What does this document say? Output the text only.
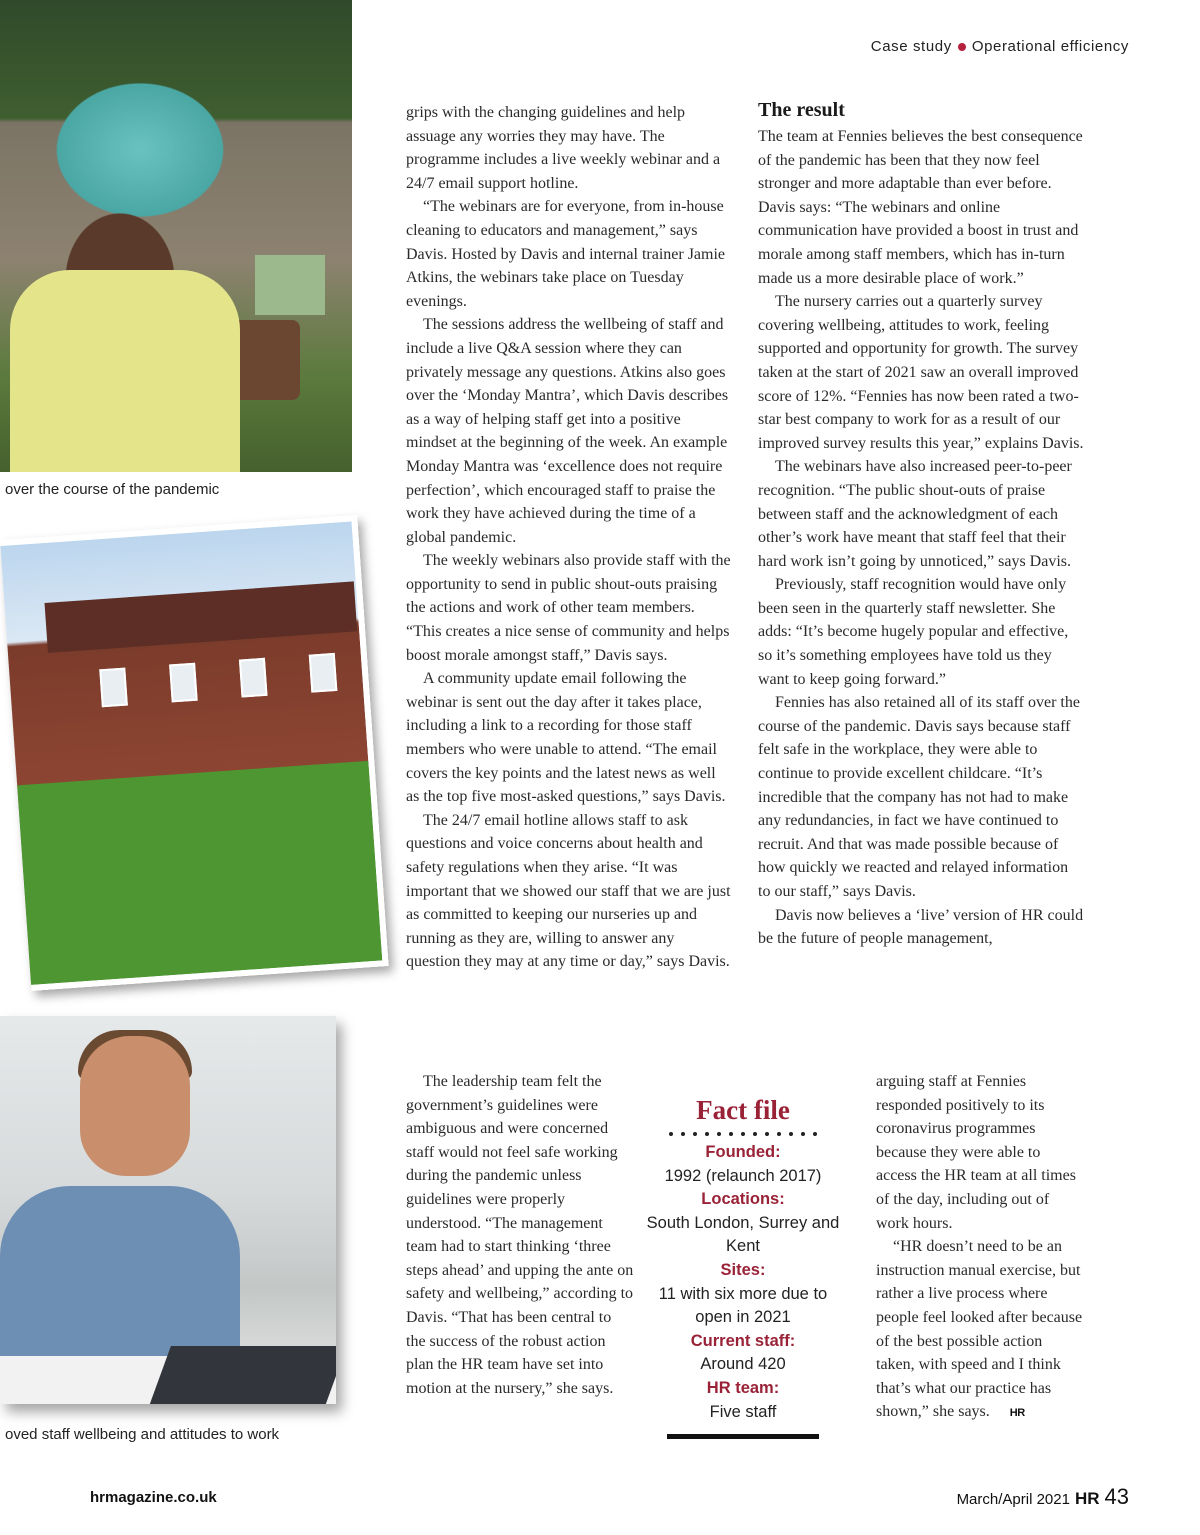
Case study Operational efficiency
over the course of the pandemic
oved staff wellbeing and attitudes to work

grips with the changing guidelines and help assuage any worries they may have. The programme includes a live weekly webinar and a 24/7 email support hotline.

“The webinars are for everyone, from in-house cleaning to educators and management,” says Davis. Hosted by Davis and internal trainer Jamie Atkins, the webinars take place on Tuesday evenings.

The sessions address the wellbeing of staff and include a live Q&A session where they can privately message any questions. Atkins also goes over the ‘Monday Mantra’, which Davis describes as a way of helping staff get into a positive mindset at the beginning of the week. An example Monday Mantra was ‘excellence does not require perfection’, which encouraged staff to praise the work they have achieved during the time of a global pandemic.

The weekly webinars also provide staff with the opportunity to send in public shout-outs praising the actions and work of other team members. “This creates a nice sense of community and helps boost morale amongst staff,” Davis says.

A community update email following the webinar is sent out the day after it takes place, including a link to a recording for those staff members who were unable to attend. “The email covers the key points and the latest news as well as the top five most-asked questions,” says Davis.

The 24/7 email hotline allows staff to ask questions and voice concerns about health and safety regulations when they arise. “It was important that we showed our staff that we are just as committed to keeping our nurseries up and running as they are, willing to answer any question they may at any time or day,” says Davis.

The leadership team felt the government’s guidelines were ambiguous and were concerned staff would not feel safe working during the pandemic unless guidelines were properly understood. “The management team had to start thinking ‘three steps ahead’ and upping the ante on safety and wellbeing,” according to Davis. “That has been central to the success of the robust action plan the HR team have set into motion at the nursery,” she says.

The result

The team at Fennies believes the best consequence of the pandemic has been that they now feel stronger and more adaptable than ever before. Davis says: “The webinars and online communication have provided a boost in trust and morale among staff members, which has in-turn made us a more desirable place of work.”

The nursery carries out a quarterly survey covering wellbeing, attitudes to work, feeling supported and opportunity for growth. The survey taken at the start of 2021 saw an overall improved score of 12%. “Fennies has now been rated a two-star best company to work for as a result of our improved survey results this year,” explains Davis.

The webinars have also increased peer-to-peer recognition. “The public shout-outs of praise between staff and the acknowledgment of each other’s work have meant that staff feel that their hard work isn’t going by unnoticed,” says Davis.

Previously, staff recognition would have only been seen in the quarterly staff newsletter. She adds: “It’s become hugely popular and effective, so it’s something employees have told us they want to keep going forward.”

Fennies has also retained all of its staff over the course of the pandemic. Davis says because staff felt safe in the workplace, they were able to continue to provide excellent childcare. “It’s incredible that the company has not had to make any redundancies, in fact we have continued to recruit. And that was made possible because of how quickly we reacted and relayed information to our staff,” says Davis.

Davis now believes a ‘live’ version of HR could be the future of people management,

arguing staff at Fennies responded positively to its coronavirus programmes because they were able to access the HR team at all times of the day, including out of work hours.

“HR doesn’t need to be an instruction manual exercise, but rather a live process where people feel looked after because of the best possible action taken, with speed and I think that’s what our practice has shown,” she says. HR

Fact file
Founded:
1992 (relaunch 2017)
Locations:
South London, Surrey and Kent
Sites:
11 with six more due to open in 2021
Current staff:
Around 420
HR team:
Five staff
hrmagazine.co.uk	March/April 2021 HR 43
